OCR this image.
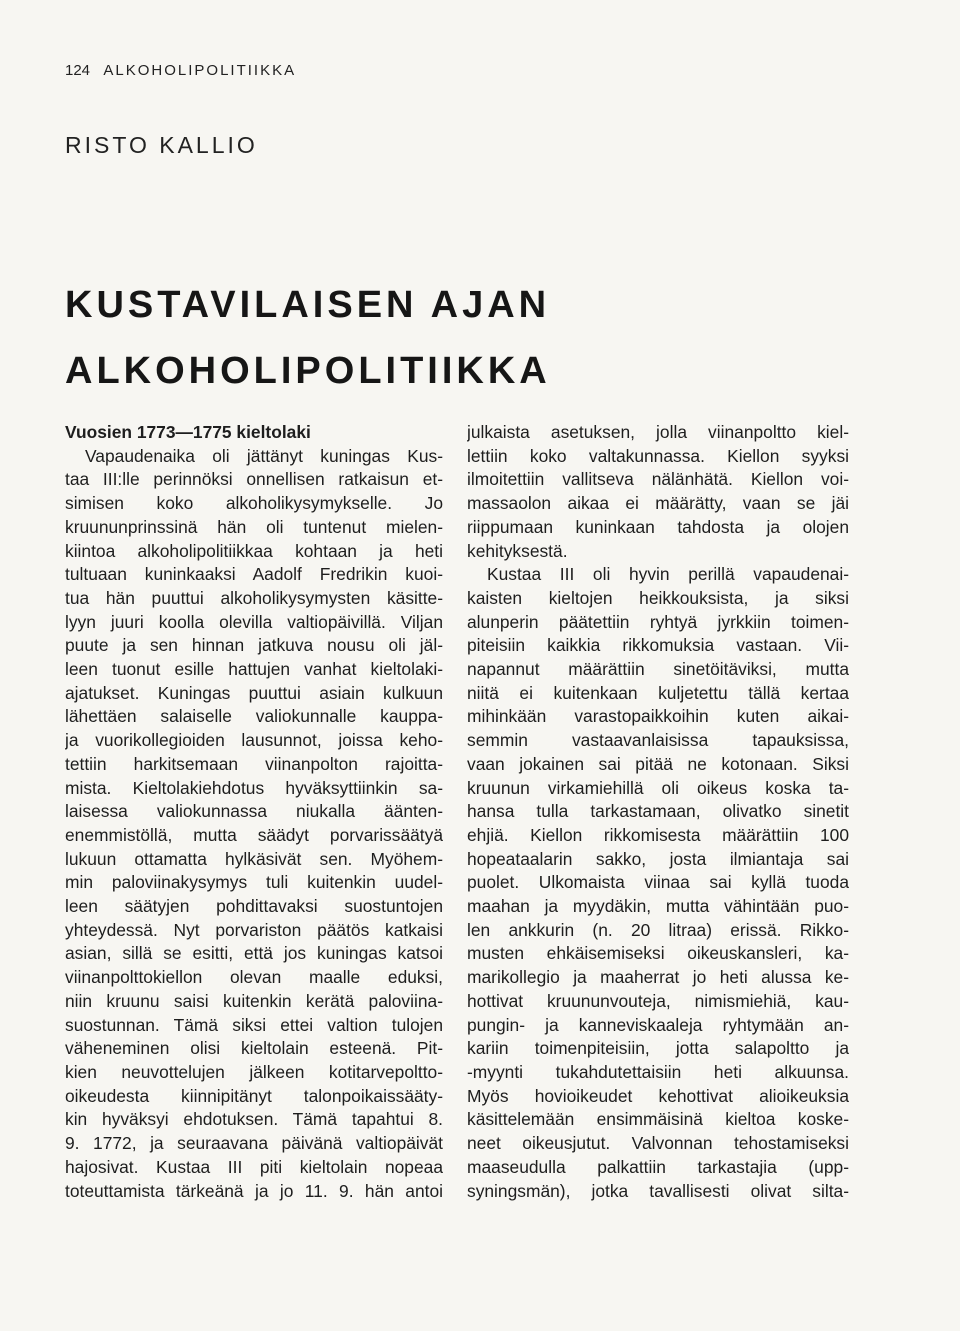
124 ALKOHOLIPOLITIIKKA
RISTO KALLIO
KUSTAVILAISEN AJAN
ALKOHOLIPOLITIIKKA
Vuosien 1773—1775 kieltolaki
Vapaudenaika oli jättänyt kuningas Kus-
taa III:lle perinnöksi onnellisen ratkaisun et-
simisen koko alkoholikysymykselle. Jo
kruununprinssinä hän oli tuntenut mielen-
kiintoa alkoholipolitiikkaa kohtaan ja heti
tultuaan kuninkaaksi Aadolf Fredrikin kuoi-
tua hän puuttui alkoholikysymysten käsitte-
lyyn juuri koolla olevilla valtiopäivillä. Viljan
puute ja sen hinnan jatkuva nousu oli jäl-
leen tuonut esille hattujen vanhat kieltolaki-
ajatukset. Kuningas puuttui asiain kulkuun
lähettäen salaiselle valiokunnalle kauppa-
ja vuorikollegioiden lausunnot, joissa keho-
tettiin harkitsemaan viinanpolton rajoitta-
mista. Kieltolakiehdotus hyväksyttiinkin sa-
laisessa valiokunnassa niukalla äänten-
enemmistöllä, mutta säädyt porvarissäätyä
lukuun ottamatta hylkäsivät sen. Myöhem-
min paloviinakysymys tuli kuitenkin uudel-
leen säätyjen pohdittavaksi suostuntojen
yhteydessä. Nyt porvariston päätös katkaisi
asian, sillä se esitti, että jos kuningas katsoi
viinanpolttokiellon olevan maalle eduksi,
niin kruunu saisi kuitenkin kerätä paloviina-
suostunnan. Tämä siksi ettei valtion tulojen
väheneminen olisi kieltolain esteenä. Pit-
kien neuvottelujen jälkeen kotitarvepoltto-
oikeudesta kiinnipitänyt talonpoikaissääty-
kin hyväksyi ehdotuksen. Tämä tapahtui 8.
9. 1772, ja seuraavana päivänä valtiopäivät
hajosivat. Kustaa III piti kieltolain nopeaa
toteuttamista tärkeänä ja jo 11. 9. hän antoi
julkaista asetuksen, jolla viinanpoltto kiel-
lettiin koko valtakunnassa. Kiellon syyksi
ilmoitettiin vallitseva nälänhätä. Kiellon voi-
massaolon aikaa ei määrätty, vaan se jäi
riippumaan kuninkaan tahdosta ja olojen
kehityksestä.
Kustaa III oli hyvin perillä vapaudenai-
kaisten kieltojen heikkouksista, ja siksi
alunperin päätettiin ryhtyä jyrkkiin toimen-
piteisiin kaikkia rikkomuksia vastaan. Vii-
napannut määrättiin sinetöitäviksi, mutta
niitä ei kuitenkaan kuljetettu tällä kertaa
mihinkään varastopaikkoihin kuten aikai-
semmin vastaavanlaisissa tapauksissa,
vaan jokainen sai pitää ne kotonaan. Siksi
kruunun virkamiehillä oli oikeus koska ta-
hansa tulla tarkastamaan, olivatko sinetit
ehjiä. Kiellon rikkomisesta määrättiin 100
hopeataalarin sakko, josta ilmiantaja sai
puolet. Ulkomaista viinaa sai kyllä tuoda
maahan ja myydäkin, mutta vähintään puo-
len ankkurin (n. 20 litraa) erissä. Rikko-
musten ehkäisemiseksi oikeuskansleri, ka-
marikollegio ja maaherrat jo heti alussa ke-
hottivat kruununvouteja, nimismiehiä, kau-
pungin- ja kanneviskaaleja ryhtymään an-
kariin toimenpiteisiin, jotta salapoltto ja
-myynti tukahdutettaisiin heti alkuunsa.
Myös hovioikeudet kehottivat alioikeuksia
käsittelemään ensimmäisinä kieltoa koske-
neet oikeusjutut. Valvonnan tehostamiseksi
maaseudulla palkattiin tarkastajia (upp-
syningsmän), jotka tavallisesti olivat silta-
